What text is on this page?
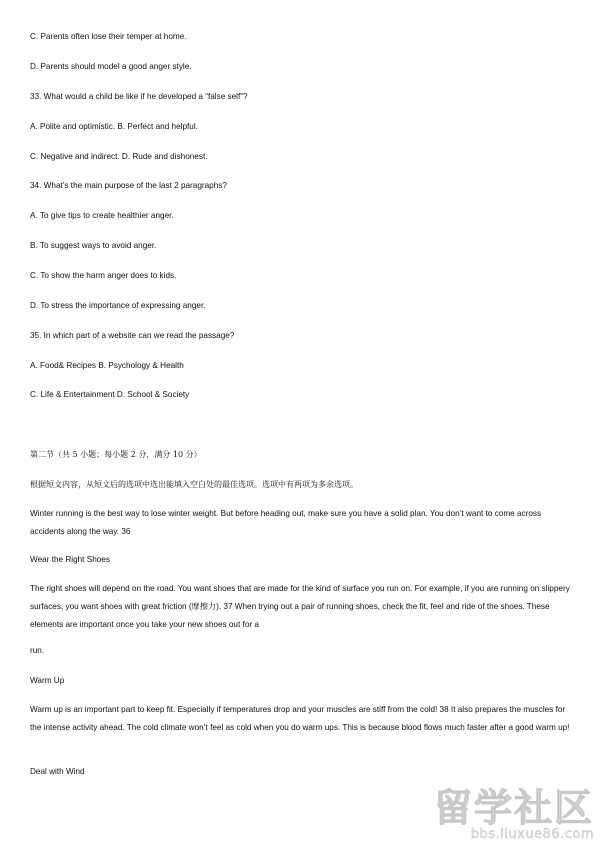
C. Parents often lose their temper at home.
D. Parents should model a good anger style.
33. What would a child be like if he developed a “false self”?
A. Polite and optimistic. B. Perfect and helpful.
C. Negative and indirect. D. Rude and dishonest.
34. What’s the main purpose of the last 2 paragraphs?
A. To give tips to create healthier anger.
B. To suggest ways to avoid anger.
C. To show the harm anger does to kids.
D. To stress the importance of expressing anger.
35. In which part of a website can we read the passage?
A. Food& Recipes B. Psychology & Health
C. Life & Entertainment D. School & Society
第二节（共 5 小题；每小题 2 分，满分 10 分）
根据短文内容，从短文后的选项中选出能填入空白处的最佳选项。选项中有两项为多余选项。
Winter running is the best way to lose winter weight. But before heading out, make sure you have a solid plan. You don’t want to come across accidents along the way. 36
Wear the Right Shoes
The right shoes will depend on the road. You want shoes that are made for the kind of surface you run on. For example, if you are running on slippery surfaces, you want shoes with great friction (摩擦力). 37 When trying out a pair of running shoes, check the fit, feel and ride of the shoes. These elements are important once you take your new shoes out for a
run.
Warm Up
Warm up is an important part to keep fit. Especially if temperatures drop and your muscles are stiff from the cold! 38 It also prepares the muscles for the intense activity ahead. The cold climate won’t feel as cold when you do warm ups. This is because blood flows much faster after a good warm up!
Deal with Wind
留学社区
bbs.liuxue86.com
